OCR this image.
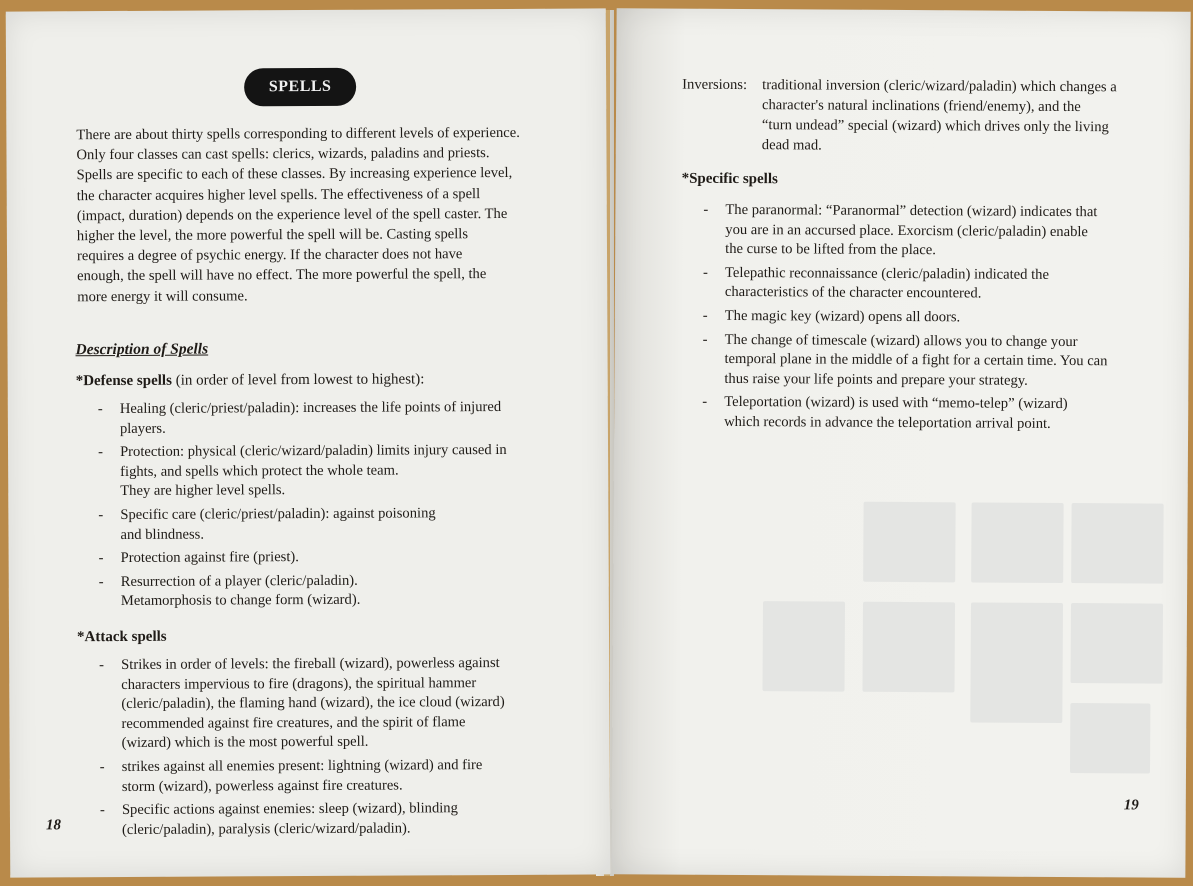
SPELLS
There are about thirty spells corresponding to different levels of experience.
Only four classes can cast spells: clerics, wizards, paladins and priests.
Spells are specific to each of these classes. By increasing experience level,
the character acquires higher level spells. The effectiveness of a spell
(impact, duration) depends on the experience level of the spell caster. The
higher the level, the more powerful the spell will be. Casting spells
requires a degree of psychic energy. If the character does not have
enough, the spell will have no effect. The more powerful the spell, the
more energy it will consume.
Description of Spells
*Defense spells (in order of level from lowest to highest):
- Healing (cleric/priest/paladin): increases the life points of injured
players.
- Protection: physical (cleric/wizard/paladin) limits injury caused in
fights, and spells which protect the whole team.
They are higher level spells.
- Specific care (cleric/priest/paladin): against poisoning
and blindness.
- Protection against fire (priest).
- Resurrection of a player (cleric/paladin).
Metamorphosis to change form (wizard).
*Attack spells
- Strikes in order of levels: the fireball (wizard), powerless against
characters impervious to fire (dragons), the spiritual hammer
(cleric/paladin), the flaming hand (wizard), the ice cloud (wizard)
recommended against fire creatures, and the spirit of flame
(wizard) which is the most powerful spell.
- strikes against all enemies present: lightning (wizard) and fire
storm (wizard), powerless against fire creatures.
- Specific actions against enemies: sleep (wizard), blinding
(cleric/paladin), paralysis (cleric/wizard/paladin).
18
Inversions: traditional inversion (cleric/wizard/paladin) which changes a
character's natural inclinations (friend/enemy), and the
“turn undead” special (wizard) which drives only the living
dead mad.
*Specific spells
- The paranormal: “Paranormal” detection (wizard) indicates that
you are in an accursed place. Exorcism (cleric/paladin) enable
the curse to be lifted from the place.
- Telepathic reconnaissance (cleric/paladin) indicated the
characteristics of the character encountered.
- The magic key (wizard) opens all doors.
- The change of timescale (wizard) allows you to change your
temporal plane in the middle of a fight for a certain time. You can
thus raise your life points and prepare your strategy.
- Teleportation (wizard) is used with “memo-telep” (wizard)
which records in advance the teleportation arrival point.
19
